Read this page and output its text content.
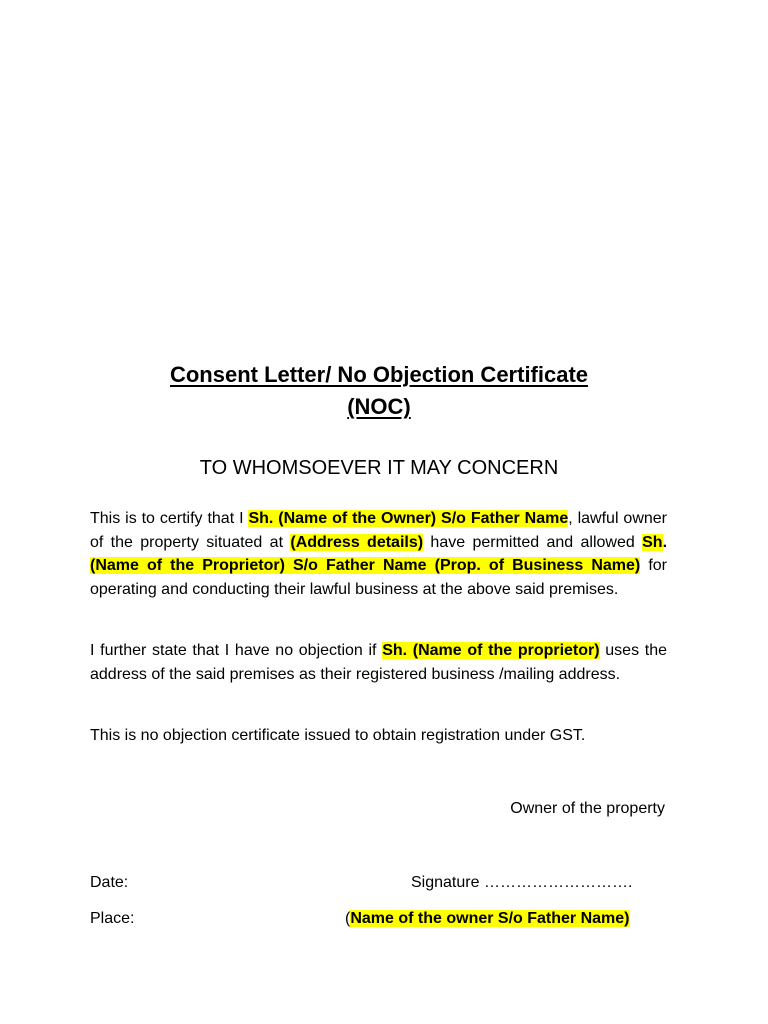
Consent Letter/ No Objection Certificate
(NOC)
TO WHOMSOEVER IT MAY CONCERN

This is to certify that I Sh. (Name of the Owner) S/o Father Name, lawful owner of the property situated at (Address details) have permitted and allowed Sh. (Name of the Proprietor) S/o Father Name (Prop. of Business Name) for operating and conducting their lawful business at the above said premises.

I further state that I have no objection if Sh. (Name of the proprietor) uses the address of the said premises as their registered business /mailing address.

This is no objection certificate issued to obtain registration under GST.

Owner of the property

Date:	Signature ……………………….

Place:	(Name of the owner S/o Father Name)
